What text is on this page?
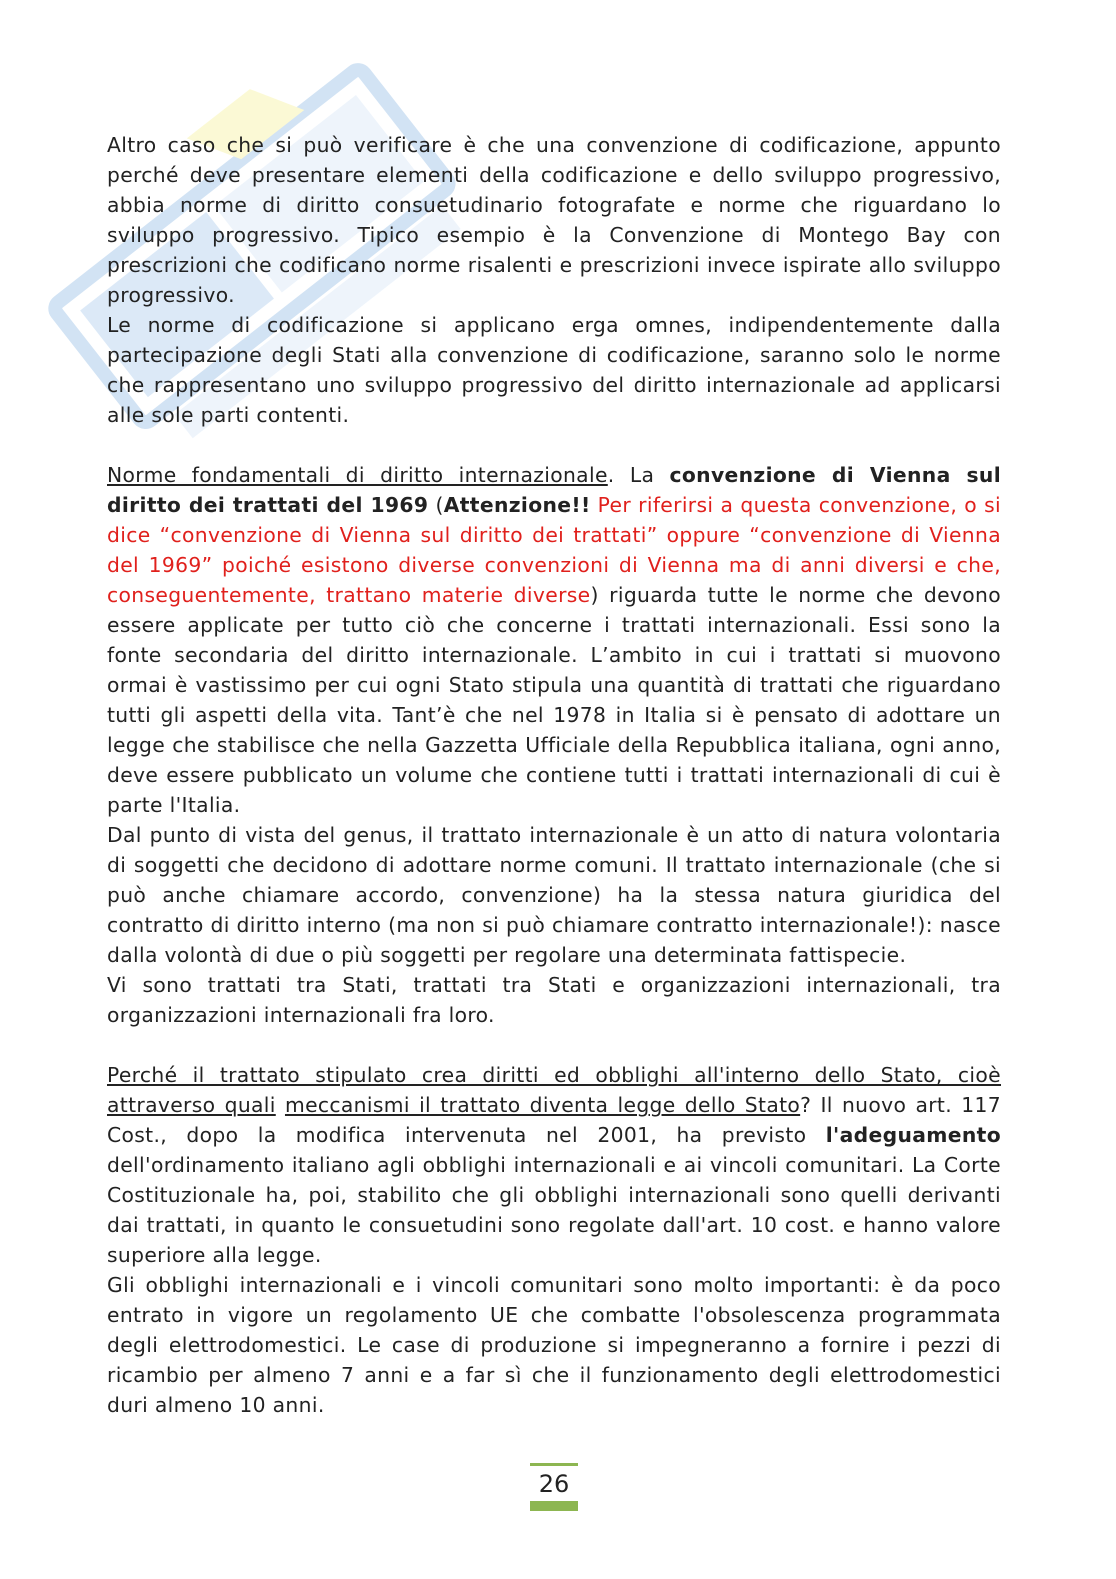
Altro caso che si può verificare è che una convenzione di codificazione, appunto perché deve presentare elementi della codificazione e dello sviluppo progressivo, abbia norme di diritto consuetudinario fotografate e norme che riguardano lo sviluppo progressivo. Tipico esempio è la Convenzione di Montego Bay con prescrizioni che codificano norme risalenti e prescrizioni invece ispirate allo sviluppo progressivo.

Le norme di codificazione si applicano erga omnes, indipendentemente dalla partecipazione degli Stati alla convenzione di codificazione, saranno solo le norme che rappresentano uno sviluppo progressivo del diritto internazionale ad applicarsi alle sole parti contenti.

Norme fondamentali di diritto internazionale. La convenzione di Vienna sul diritto dei trattati del 1969 (Attenzione!! Per riferirsi a questa convenzione, o si dice “convenzione di Vienna sul diritto dei trattati” oppure “convenzione di Vienna del 1969” poiché esistono diverse convenzioni di Vienna ma di anni diversi e che, conseguentemente, trattano materie diverse) riguarda tutte le norme che devono essere applicate per tutto ciò che concerne i trattati internazionali. Essi sono la fonte secondaria del diritto internazionale. L’ambito in cui i trattati si muovono ormai è vastissimo per cui ogni Stato stipula una quantità di trattati che riguardano tutti gli aspetti della vita. Tant’è che nel 1978 in Italia si è pensato di adottare un legge che stabilisce che nella Gazzetta Ufficiale della Repubblica italiana, ogni anno, deve essere pubblicato un volume che contiene tutti i trattati internazionali di cui è parte l'Italia.

Dal punto di vista del genus, il trattato internazionale è un atto di natura volontaria di soggetti che decidono di adottare norme comuni. Il trattato internazionale (che si può anche chiamare accordo, convenzione) ha la stessa natura giuridica del contratto di diritto interno (ma non si può chiamare contratto internazionale!): nasce dalla volontà di due o più soggetti per regolare una determinata fattispecie.

Vi sono trattati tra Stati, trattati tra Stati e organizzazioni internazionali, tra organizzazioni internazionali fra loro.

Perché il trattato stipulato crea diritti ed obblighi all'interno dello Stato, cioè attraverso quali meccanismi il trattato diventa legge dello Stato? Il nuovo art. 117 Cost., dopo la modifica intervenuta nel 2001, ha previsto l'adeguamento dell'ordinamento italiano agli obblighi internazionali e ai vincoli comunitari. La Corte Costituzionale ha, poi, stabilito che gli obblighi internazionali sono quelli derivanti dai trattati, in quanto le consuetudini sono regolate dall'art. 10 cost. e hanno valore superiore alla legge.

Gli obblighi internazionali e i vincoli comunitari sono molto importanti: è da poco entrato in vigore un regolamento UE che combatte l'obsolescenza programmata degli elettrodomestici. Le case di produzione si impegneranno a fornire i pezzi di ricambio per almeno 7 anni e a far sì che il funzionamento degli elettrodomestici duri almeno 10 anni.

26
